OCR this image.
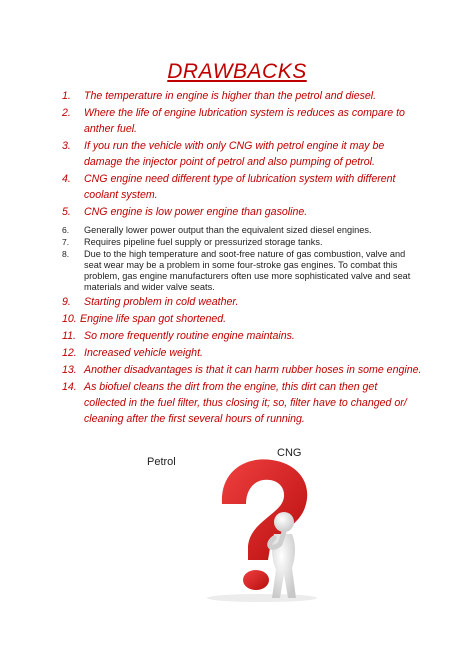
DRAWBACKS
1. The temperature in engine is higher than the petrol and diesel.
2. Where the life of engine lubrication system is reduces as compare to anther fuel.
3. If you run the vehicle with only CNG with petrol engine it may be damage the injector point of petrol and also pumping of petrol.
4. CNG engine need different type of lubrication system with different coolant system.
5. CNG engine is low power engine than gasoline.
6. Generally lower power output than the equivalent sized diesel engines.
7. Requires pipeline fuel supply or pressurized storage tanks.
8. Due to the high temperature and soot-free nature of gas combustion, valve and seat wear may be a problem in some four-stroke gas engines. To combat this problem, gas engine manufacturers often use more sophisticated valve and seat materials and wider valve seats.
9. Starting problem in cold weather.
10. Engine life span got shortened.
11. So more frequently routine engine maintains.
12. Increased vehicle weight.
13. Another disadvantages is that it can harm rubber hoses in some engine.
14. As biofuel cleans the dirt from the engine, this dirt can then get collected in the fuel filter, thus closing it; so, filter have to changed or/ cleaning after the first several hours of running.
Petrol
CNG
